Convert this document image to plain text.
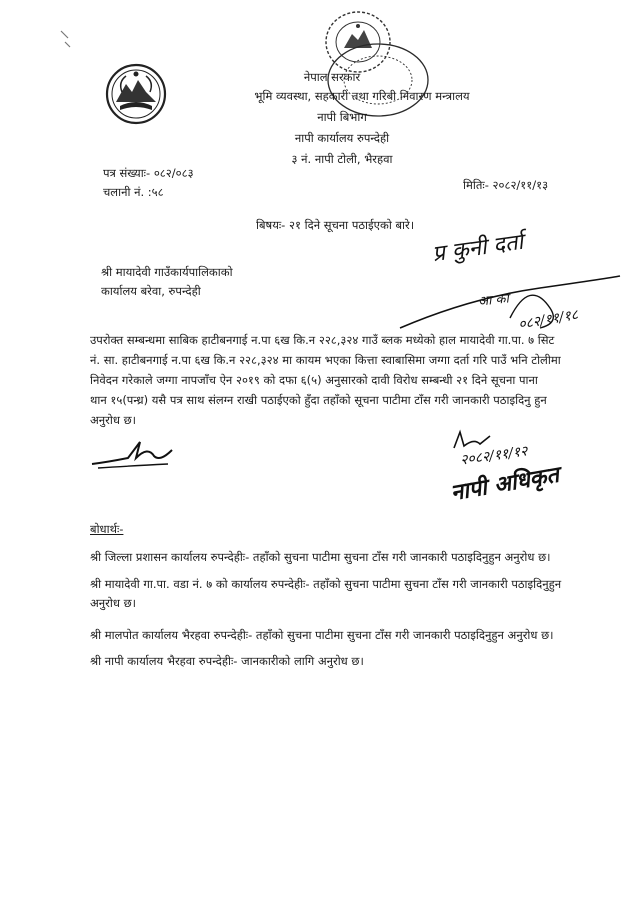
नेपाल सरकार
भूमि व्यवस्था, सहकारी तथा गरिबी निवारण मन्त्रालय
नापी बिभाग
नापी कार्यालय रुपन्देही
३ नं. नापी टोली, भैरहवा
पत्र संख्याः- ०८२/०८३
चलानी नं. :५८	मितिः- २०८२/११/१३
बिषयः- २१ दिने सूचना पठाईएको बारे।
श्री मायादेवी गाउँकार्यपालिकाको
कार्यालय बरेवा, रुपन्देही
प्र कुनी दर्ता
आ का
०८२/११/१८
उपरोक्त सम्बन्धमा साबिक हाटीबनगाई न.पा ६ख कि.न २२८,३२४ गाउँ ब्लक मध्येको हाल मायादेवी गा.पा. ७ सिट
नं. सा. हाटीबनगाई न.पा ६ख कि.न २२८,३२४ मा कायम भएका कित्ता स्वाबासिमा जग्गा दर्ता गरि पाउँ भनि टोलीमा
निवेदन गरेकाले जग्गा नापजाँच ऐन २०१९ को दफा ६(५) अनुसारको दावी विरोध सम्बन्धी २१ दिने सूचना पाना
थान १५(पन्ध्र) यसै पत्र साथ संलग्न राखी पठाईएको हुँदा तहाँको सूचना पाटीमा टाँस गरी जानकारी पठाइदिनु हुन
अनुरोध छ।
२०८२/११/१२
नापी अधिकृत
बोधार्थः-
श्री जिल्ला प्रशासन कार्यालय रुपन्देहीः- तहाँको सुचना पाटीमा सुचना टाँस गरी जानकारी पठाइदिनुहुन अनुरोध छ।
श्री मायादेवी गा.पा. वडा नं. ७ को कार्यालय रुपन्देहीः- तहाँको सुचना पाटीमा सुचना टाँस गरी जानकारी पठाइदिनुहुन
अनुरोध छ।
श्री मालपोत कार्यालय भैरहवा रुपन्देहीः- तहाँको सुचना पाटीमा सुचना टाँस गरी जानकारी पठाइदिनुहुन अनुरोध छ।
श्री नापी कार्यालय भैरहवा रुपन्देहीः- जानकारीको लागि अनुरोध छ।
